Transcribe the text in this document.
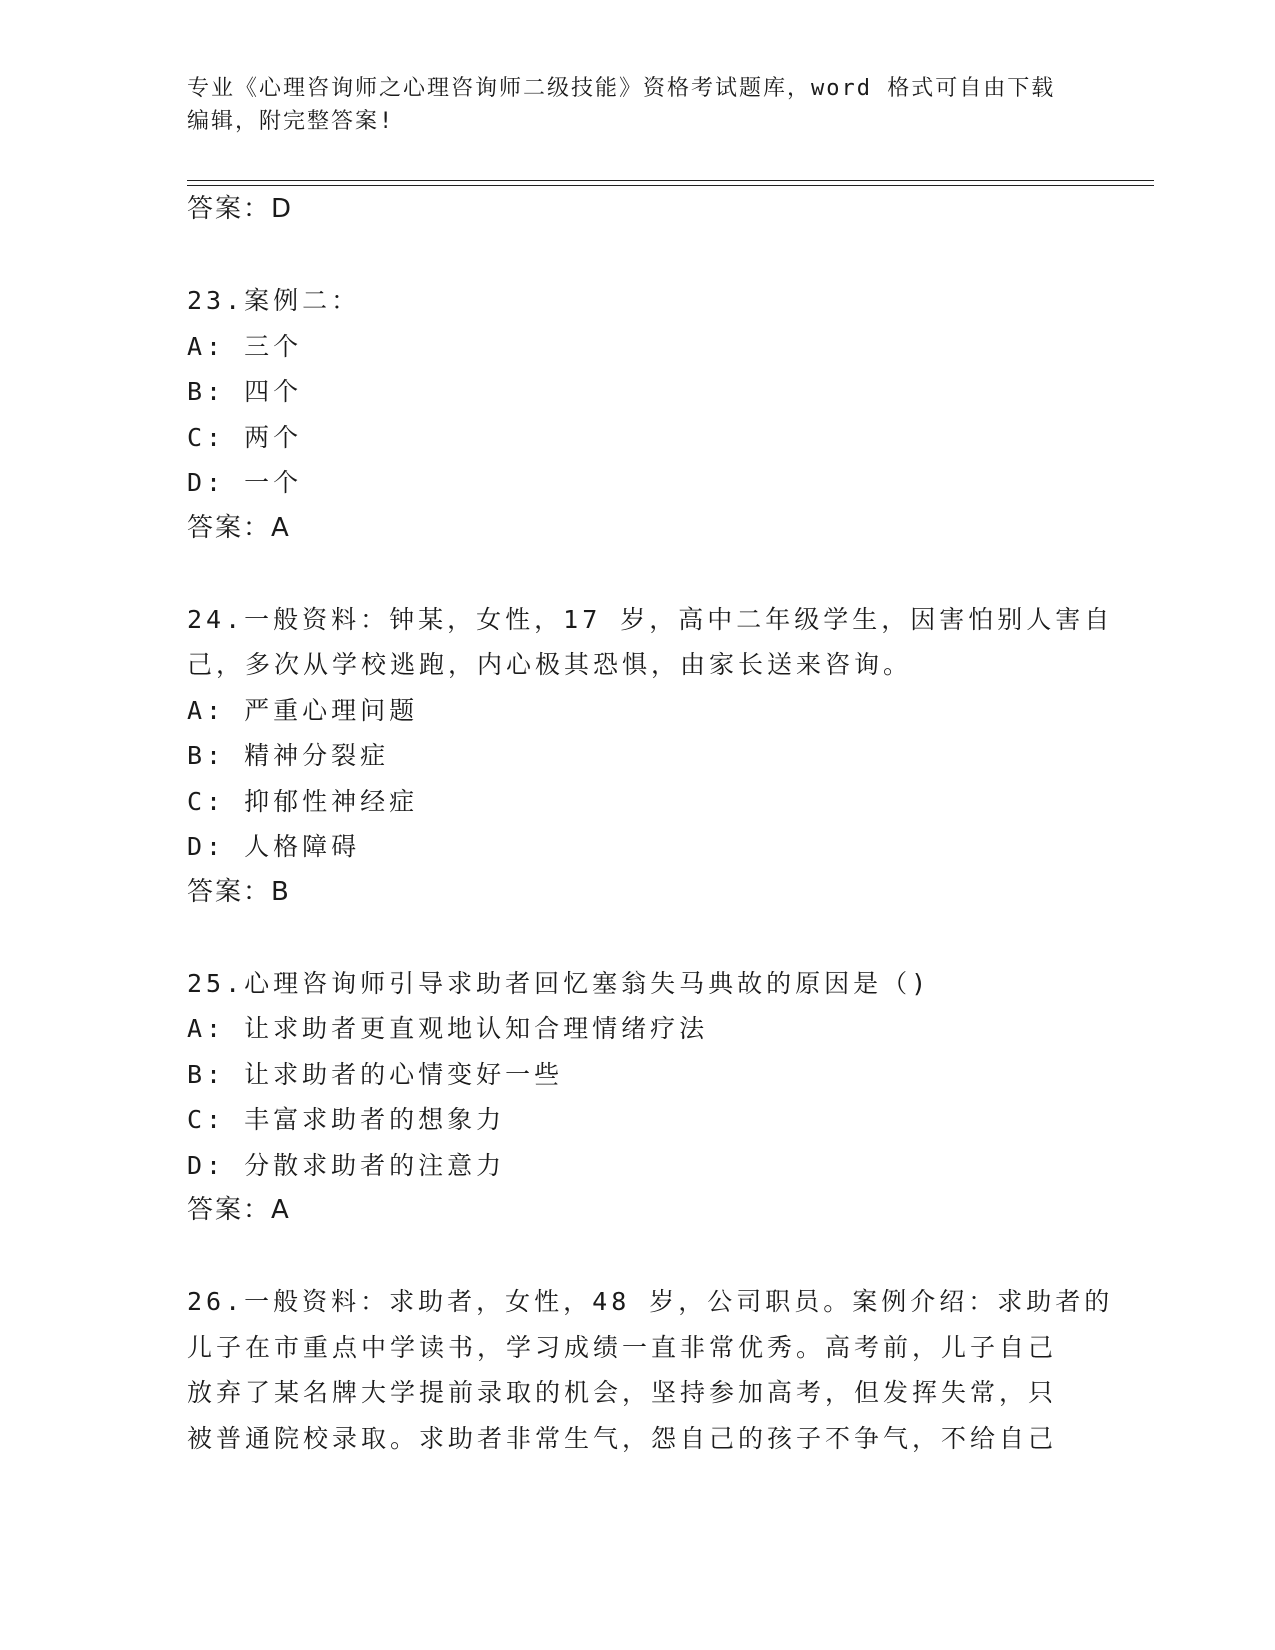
专业《心理咨询师之心理咨询师二级技能》资格考试题库，word 格式可自由下载
编辑，附完整答案!
答案：D
23.案例二：
A: 三个
B: 四个
C: 两个
D: 一个
答案：A
24.一般资料：钟某，女性，17 岁，高中二年级学生，因害怕别人害自
己，多次从学校逃跑，内心极其恐惧，由家长送来咨询。
A: 严重心理问题
B: 精神分裂症
C: 抑郁性神经症
D: 人格障碍
答案：B
25.心理咨询师引导求助者回忆塞翁失马典故的原因是（)
A: 让求助者更直观地认知合理情绪疗法
B: 让求助者的心情变好一些
C: 丰富求助者的想象力
D: 分散求助者的注意力
答案：A
26.一般资料：求助者，女性，48 岁，公司职员。案例介绍：求助者的
儿子在市重点中学读书，学习成绩一直非常优秀。高考前，儿子自己
放弃了某名牌大学提前录取的机会，坚持参加高考，但发挥失常，只
被普通院校录取。求助者非常生气，怨自己的孩子不争气，不给自己
